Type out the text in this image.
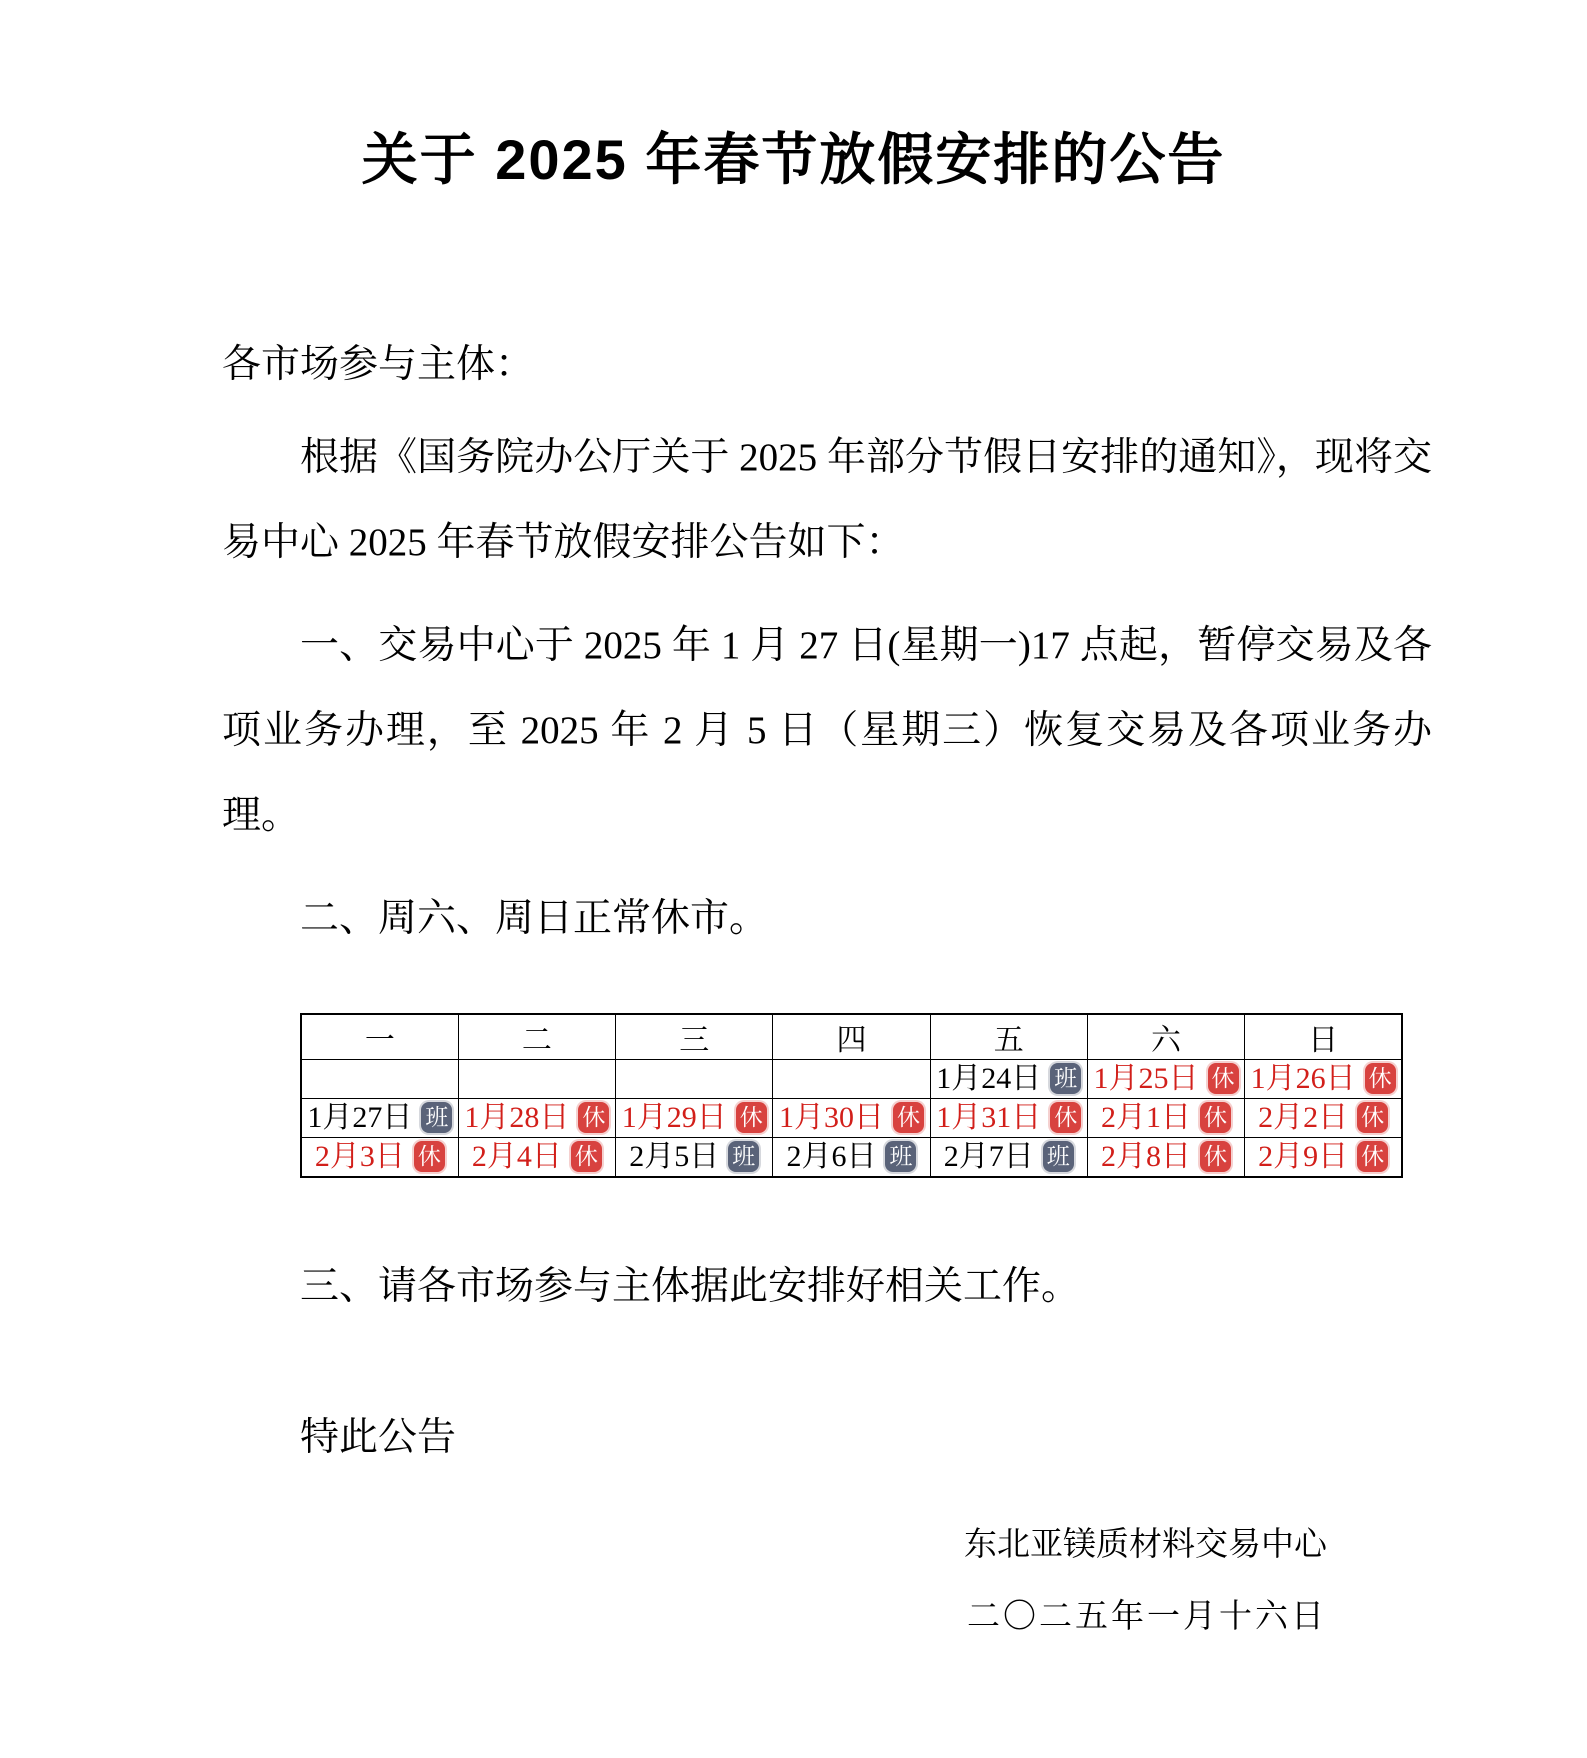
关于 2025 年春节放假安排的公告

各市场参与主体：

根据《国务院办公厅关于 2025 年部分节假日安排的通知》，现将交易中心 2025 年春节放假安排公告如下：

一、交易中心于 2025 年 1 月 27 日(星期一)17 点起，暂停交易及各项业务办理，至 2025 年 2 月 5 日（星期三）恢复交易及各项业务办理。

二、周六、周日正常休市。

一	二	三	四	五	六	日

				1月24日 班	1月25日 休	1月26日 休

1月27日 班	1月28日 休	1月29日 休	1月30日 休	1月31日 休	2月1日 休	2月2日 休

2月3日 休	2月4日 休	2月5日 班	2月6日 班	2月7日 班	2月8日 休	2月9日 休

三、请各市场参与主体据此安排好相关工作。

特此公告

东北亚镁质材料交易中心

二〇二五年一月十六日
